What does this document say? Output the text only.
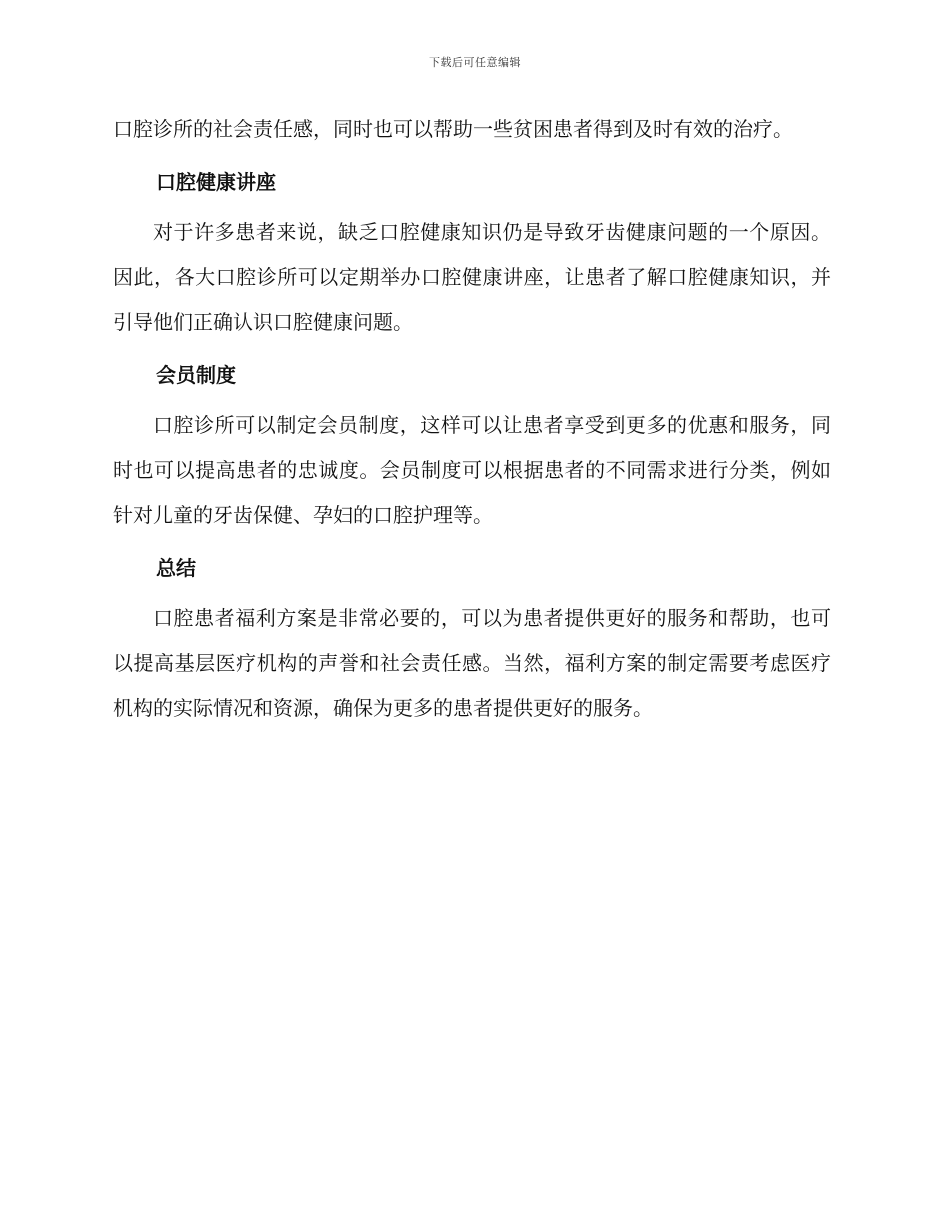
下载后可任意编辑

口腔诊所的社会责任感，同时也可以帮助一些贫困患者得到及时有效的治疗。

口腔健康讲座

对于许多患者来说，缺乏口腔健康知识仍是导致牙齿健康问题的一个原因。因此，各大口腔诊所可以定期举办口腔健康讲座，让患者了解口腔健康知识，并引导他们正确认识口腔健康问题。

会员制度

口腔诊所可以制定会员制度，这样可以让患者享受到更多的优惠和服务，同时也可以提高患者的忠诚度。会员制度可以根据患者的不同需求进行分类，例如针对儿童的牙齿保健、孕妇的口腔护理等。

总结

口腔患者福利方案是非常必要的，可以为患者提供更好的服务和帮助，也可以提高基层医疗机构的声誉和社会责任感。当然，福利方案的制定需要考虑医疗机构的实际情况和资源，确保为更多的患者提供更好的服务。
